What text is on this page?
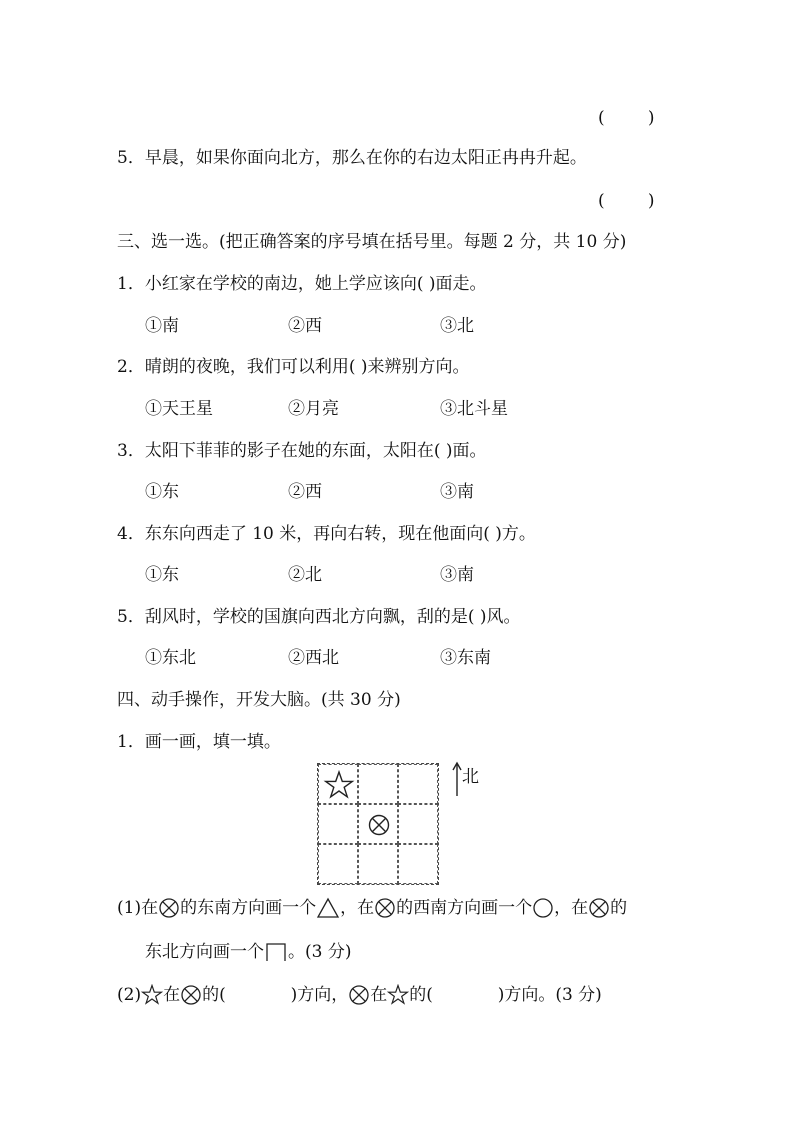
(        )
5．早晨，如果你面向北方，那么在你的右边太阳正冉冉升起。
(        )
三、选一选。(把正确答案的序号填在括号里。每题 2 分，共 10 分)
1．小红家在学校的南边，她上学应该向( )面走。
①南	②西	③北
2．晴朗的夜晚，我们可以利用( )来辨别方向。
①天王星	②月亮	③北斗星
3．太阳下菲菲的影子在她的东面，太阳在( )面。
①东	②西	③南
4．东东向西走了 10 米，再向右转，现在他面向( )方。
①东	②北	③南
5．刮风时，学校的国旗向西北方向飘，刮的是( )风。
①东北	②西北	③东南
四、动手操作，开发大脑。(共 30 分)
1．画一画，填一填。
北
(1)在 的东南方向画一个 ，在 的西南方向画一个 ，在 的
东北方向画一个 。(3 分)
(2) 在 的(            )方向， 在 的(            )方向。(3 分)
